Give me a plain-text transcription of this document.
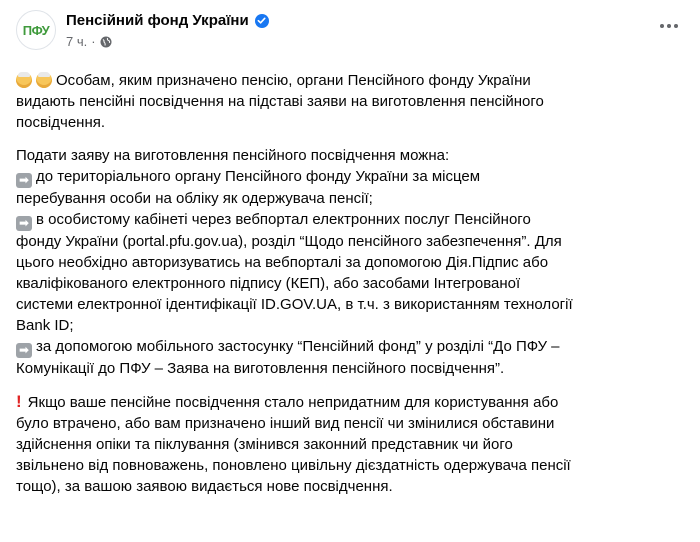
ПФУ
Пенсійний фонд України
7 ч. ·
Особам, яким призначено пенсію, органи Пенсійного фонду України
видають пенсійні посвідчення на підставі заяви на виготовлення пенсійного
посвідчення.
Подати заяву на виготовлення пенсійного посвідчення можна:
➡ до територіального органу Пенсійного фонду України за місцем
перебування особи на обліку як одержувача пенсії;
➡ в особистому кабінеті через вебпортал електронних послуг Пенсійного
фонду України (portal.pfu.gov.ua), розділ “Щодо пенсійного забезпечення”. Для
цього необхідно авторизуватись на вебпорталі за допомогою Дія.Підпис або
кваліфікованого електронного підпису (КЕП), або засобами Інтегрованої
системи електронної ідентифікації ID.GOV.UA, в т.ч. з використанням технології
Bank ID;
➡ за допомогою мобільного застосунку “Пенсійний фонд” у розділі “До ПФУ –
Комунікації до ПФУ – Заява на виготовлення пенсійного посвідчення”.
! Якщо ваше пенсійне посвідчення стало непридатним для користування або
було втрачено, або вам призначено інший вид пенсії чи змінилися обставини
здійснення опіки та піклування (змінився законний представник чи його
звільнено від повноважень, поновлено цивільну дієздатність одержувача пенсії
тощо), за вашою заявою видається нове посвідчення.
